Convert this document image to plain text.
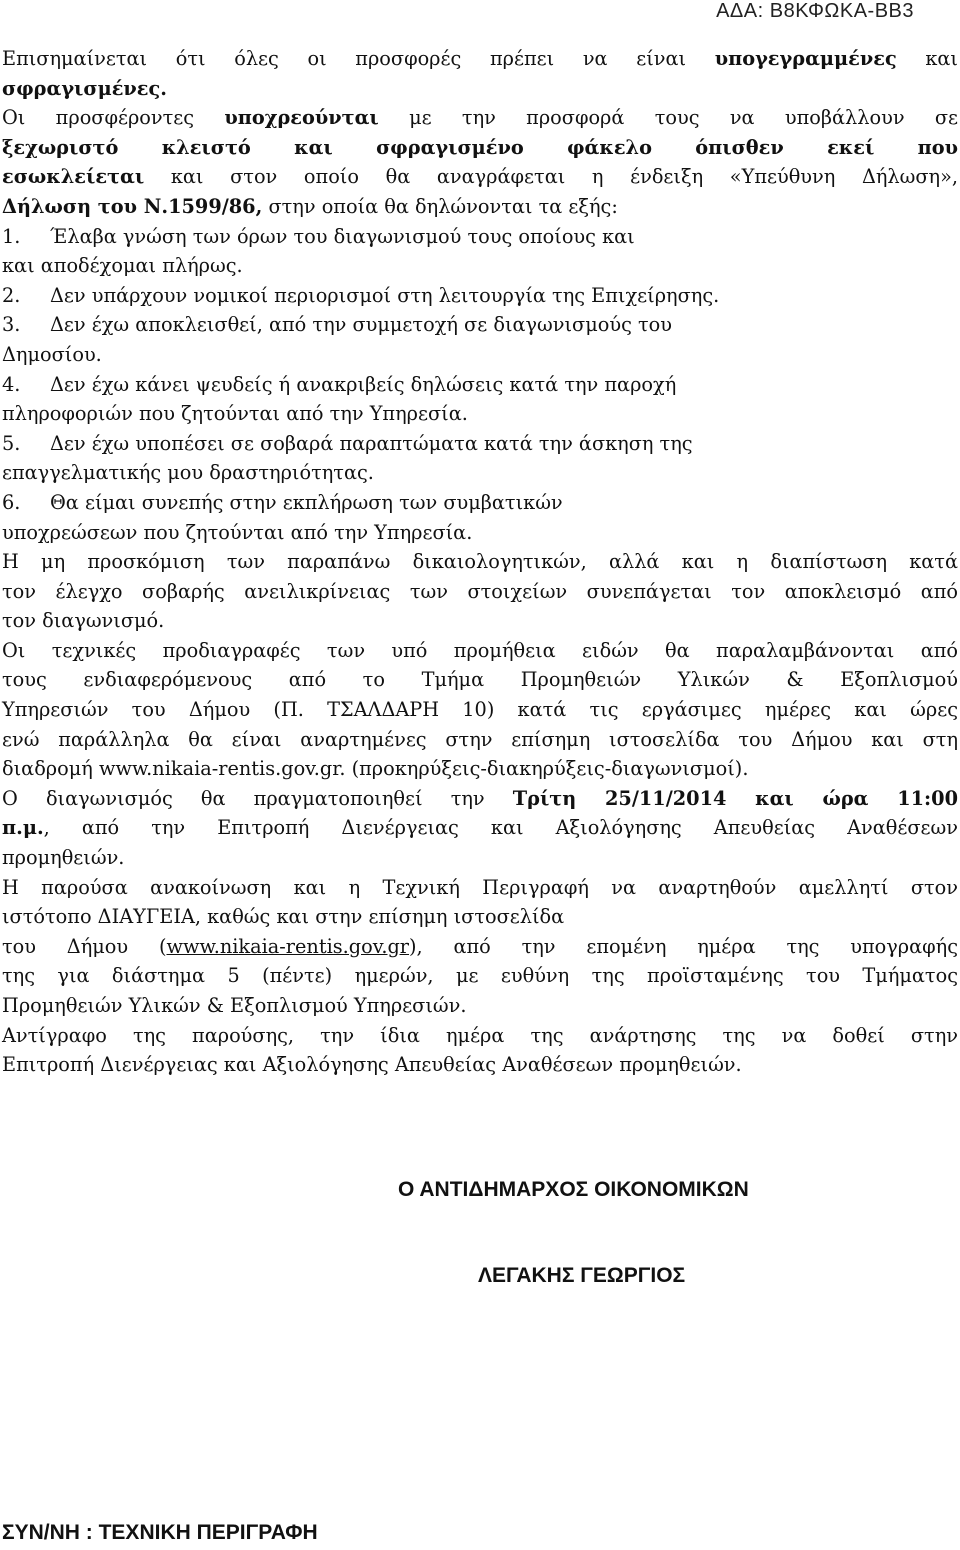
ΑΔΑ: Β8ΚΦΩΚΑ-ΒΒ3
Επισημαίνεται ότι όλες οι προσφορές πρέπει να είναι υπογεγραμμένες και
σφραγισμένες.
Οι προσφέροντες υποχρεούνται με την προσφορά τους να υποβάλλουν σε
ξεχωριστό κλειστό και σφραγισμένο φάκελο όπισθεν εκεί που
εσωκλείεται και στον οποίο θα αναγράφεται η ένδειξη «Υπεύθυνη Δήλωση»,
Δήλωση του Ν.1599/86, στην οποία θα δηλώνονται τα εξής:
1.	Έλαβα γνώση των όρων του διαγωνισμού τους οποίους και
και αποδέχομαι πλήρως.
2.	Δεν υπάρχουν νομικοί περιορισμοί στη λειτουργία της Επιχείρησης.
3.	Δεν έχω αποκλεισθεί, από την συμμετοχή σε διαγωνισμούς του
Δημοσίου.
4.	Δεν έχω κάνει ψευδείς ή ανακριβείς δηλώσεις κατά την παροχή
πληροφοριών που ζητούνται από την Υπηρεσία.
5.	Δεν έχω υποπέσει σε σοβαρά παραπτώματα κατά την άσκηση της
επαγγελματικής μου δραστηριότητας.
6.	Θα είμαι συνεπής στην εκπλήρωση των συμβατικών
υποχρεώσεων που ζητούνται από την Υπηρεσία.
Η μη προσκόμιση των παραπάνω δικαιολογητικών, αλλά και η διαπίστωση κατά
τον έλεγχο σοβαρής ανειλικρίνειας των στοιχείων συνεπάγεται τον αποκλεισμό από
τον διαγωνισμό.
Οι τεχνικές προδιαγραφές των υπό προμήθεια ειδών θα παραλαμβάνονται από
τους ενδιαφερόμενους από το Τμήμα Προμηθειών Υλικών & Εξοπλισμού
Υπηρεσιών του Δήμου (Π. ΤΣΑΛΔΑΡΗ 10) κατά τις εργάσιμες ημέρες και ώρες
ενώ παράλληλα θα είναι αναρτημένες στην επίσημη ιστοσελίδα του Δήμου και στη
διαδρομή www.nikaia-rentis.gov.gr. (προκηρύξεις-διακηρύξεις-διαγωνισμοί).
Ο διαγωνισμός θα πραγματοποιηθεί την Τρίτη 25/11/2014 και ώρα 11:00
π.μ., από την Επιτροπή Διενέργειας και Αξιολόγησης Απευθείας Αναθέσεων
προμηθειών.
Η παρούσα ανακοίνωση και η Τεχνική Περιγραφή να αναρτηθούν αμελλητί στον
ιστότοπο ΔΙΑΥΓΕΙΑ, καθώς και στην επίσημη ιστοσελίδα
του Δήμου (www.nikaia-rentis.gov.gr), από την επομένη ημέρα της υπογραφής
της για διάστημα 5 (πέντε) ημερών, με ευθύνη της προϊσταμένης του Τμήματος
Προμηθειών Υλικών & Εξοπλισμού Υπηρεσιών.
Αντίγραφο της παρούσης, την ίδια ημέρα της ανάρτησης της να δοθεί στην
Επιτροπή Διενέργειας και Αξιολόγησης Απευθείας Αναθέσεων προμηθειών.
Ο ΑΝΤΙΔΗΜΑΡΧΟΣ ΟΙΚΟΝΟΜΙΚΩΝ
ΛΕΓΑΚΗΣ ΓΕΩΡΓΙΟΣ
ΣΥΝ/ΝΗ : ΤΕΧΝΙΚΗ ΠΕΡΙΓΡΑΦΗ
